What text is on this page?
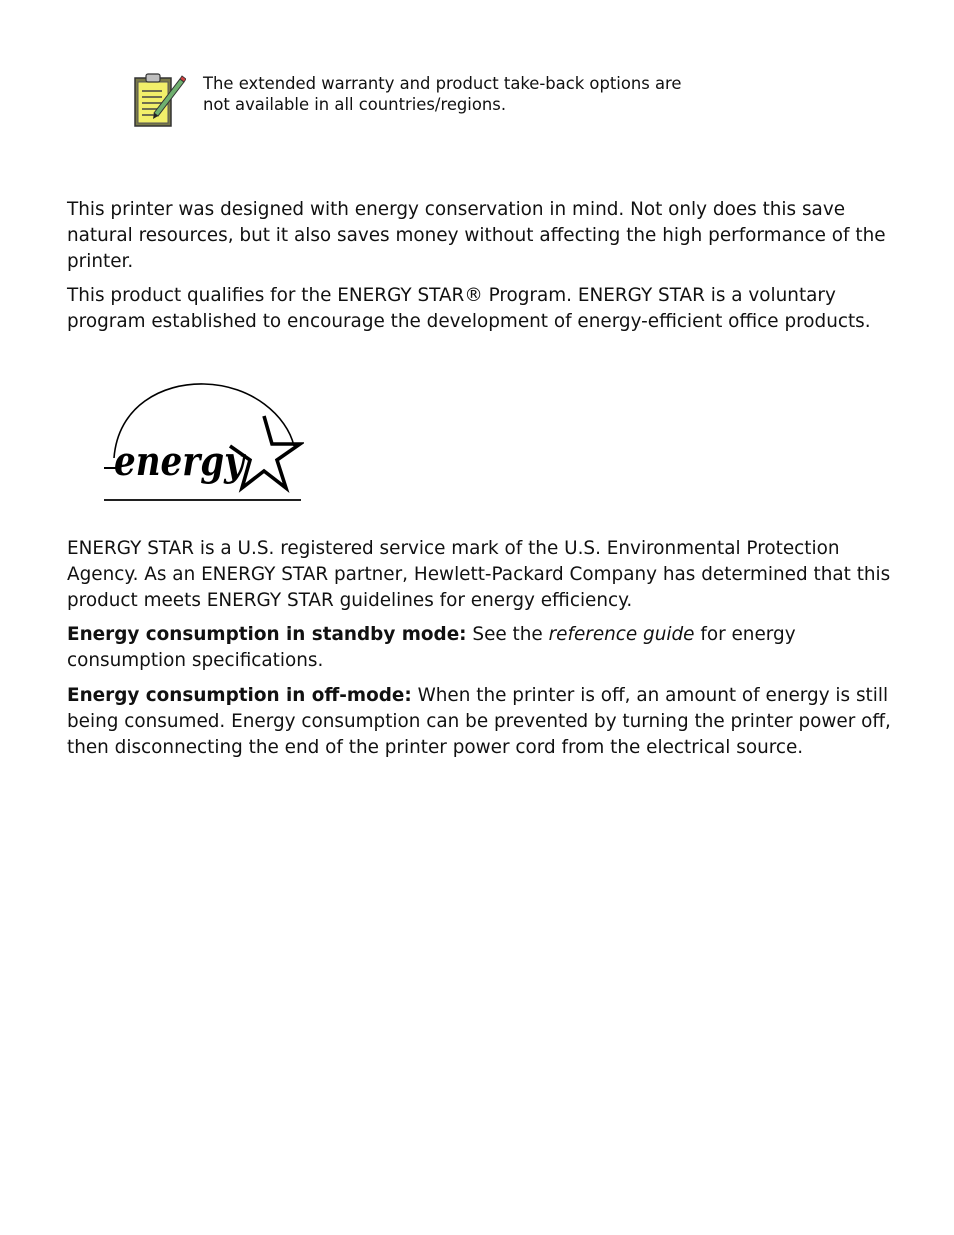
The extended warranty and product take-back options are
not available in all countries/regions.

This printer was designed with energy conservation in mind. Not only does this save natural resources, but it also saves money without affecting the high performance of the printer.

This product qualifies for the ENERGY STAR® Program. ENERGY STAR is a voluntary program established to encourage the development of energy-efficient office products.

energy

ENERGY STAR is a U.S. registered service mark of the U.S. Environmental Protection Agency. As an ENERGY STAR partner, Hewlett-Packard Company has determined that this product meets ENERGY STAR guidelines for energy efficiency.

Energy consumption in standby mode: See the reference guide for energy consumption specifications.

Energy consumption in off-mode: When the printer is off, an amount of energy is still being consumed. Energy consumption can be prevented by turning the printer power off, then disconnecting the end of the printer power cord from the electrical source.
